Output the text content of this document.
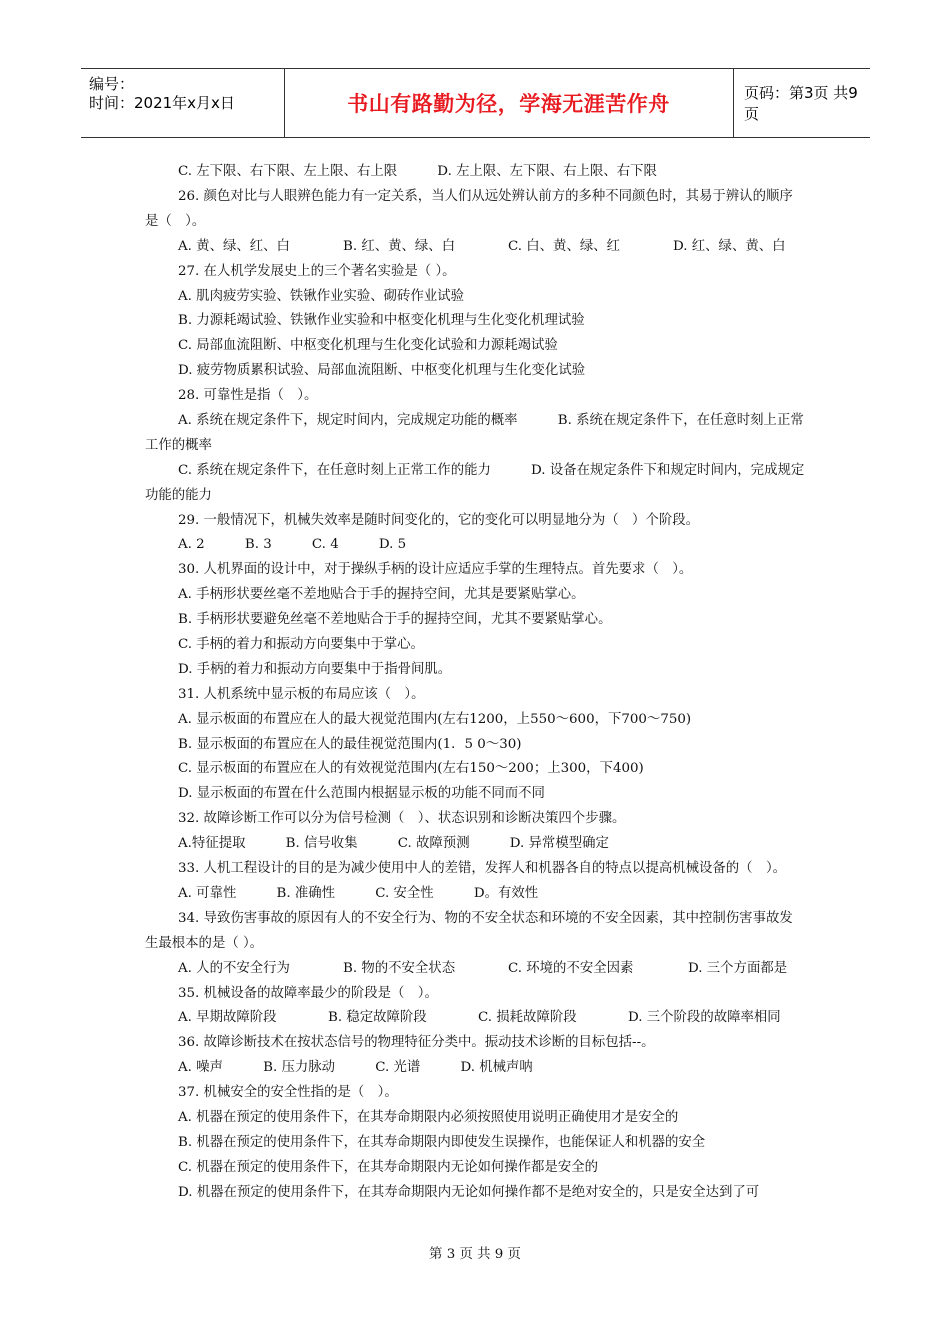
编号：
时间：2021年x月x日	书山有路勤为径，学海无涯苦作舟	页码：第3页 共9页
C. 左下限、右下限、左上限、右上限　　　D. 左上限、左下限、右上限、右下限
26. 颜色对比与人眼辨色能力有一定关系，当人们从远处辨认前方的多种不同颜色时，其易于辨认的顺序是（　）。
A. 黄、绿、红、白	B. 红、黄、绿、白	C. 白、黄、绿、红	D. 红、绿、黄、白
27. 在人机学发展史上的三个著名实验是（ ）。
A. 肌肉疲劳实验、铁锹作业实验、砌砖作业试验
B. 力源耗竭试验、铁锹作业实验和中枢变化机理与生化变化机理试验
C. 局部血流阻断、中枢变化机理与生化变化试验和力源耗竭试验
D. 疲劳物质累积试验、局部血流阻断、中枢变化机理与生化变化试验
28. 可靠性是指（　）。
A. 系统在规定条件下，规定时间内，完成规定功能的概率　　　B. 系统在规定条件下，在任意时刻上正常工作的概率
C. 系统在规定条件下，在任意时刻上正常工作的能力　　　D. 设备在规定条件下和规定时间内，完成规定功能的能力
29. 一般情况下，机械失效率是随时间变化的，它的变化可以明显地分为（　）个阶段。
A. 2　　　B. 3　　　C. 4　　　D. 5
30. 人机界面的设计中，对于操纵手柄的设计应适应手掌的生理特点。首先要求（　）。
A. 手柄形状要丝毫不差地贴合于手的握持空间，尤其是要紧贴掌心。
B. 手柄形状要避免丝毫不差地贴合于手的握持空间，尤其不要紧贴掌心。
C. 手柄的着力和振动方向要集中于掌心。
D. 手柄的着力和振动方向要集中于指骨间肌。
31. 人机系统中显示板的布局应该（　）。
A. 显示板面的布置应在人的最大视觉范围内(左右1200，上550～600，下700～750)
B. 显示板面的布置应在人的最佳视觉范围内(1．5 0～30)
C. 显示板面的布置应在人的有效视觉范围内(左右150～200；上300，下400)
D. 显示板面的布置在什么范围内根据显示板的功能不同而不同
32. 故障诊断工作可以分为信号检测（　）、状态识别和诊断决策四个步骤。
A.特征提取　　　B. 信号收集　　　C. 故障预测　　　D. 异常模型确定
33. 人机工程设计的目的是为减少使用中人的差错，发挥人和机器各自的特点以提高机械设备的（　）。
A. 可靠性　　　B. 准确性　　　C. 安全性　　　D。有效性
34. 导致伤害事故的原因有人的不安全行为、物的不安全状态和环境的不安全因素，其中控制伤害事故发生最根本的是（ ）。
A. 人的不安全行为	B. 物的不安全状态	C. 环境的不安全因素	D. 三个方面都是
35. 机械设备的故障率最少的阶段是（　）。
A. 早期故障阶段	B. 稳定故障阶段	C. 损耗故障阶段	D. 三个阶段的故障率相同
36. 故障诊断技术在按状态信号的物理特征分类中。振动技术诊断的目标包括--。
A. 噪声　　　B. 压力脉动　　　C. 光谱　　　D. 机械声呐
37. 机械安全的安全性指的是（　）。
A. 机器在预定的使用条件下，在其寿命期限内必须按照使用说明正确使用才是安全的
B. 机器在预定的使用条件下，在其寿命期限内即使发生误操作，也能保证人和机器的安全
C. 机器在预定的使用条件下，在其寿命期限内无论如何操作都是安全的
D. 机器在预定的使用条件下，在其寿命期限内无论如何操作都不是绝对安全的，只是安全达到了可
第 3 页 共 9 页
